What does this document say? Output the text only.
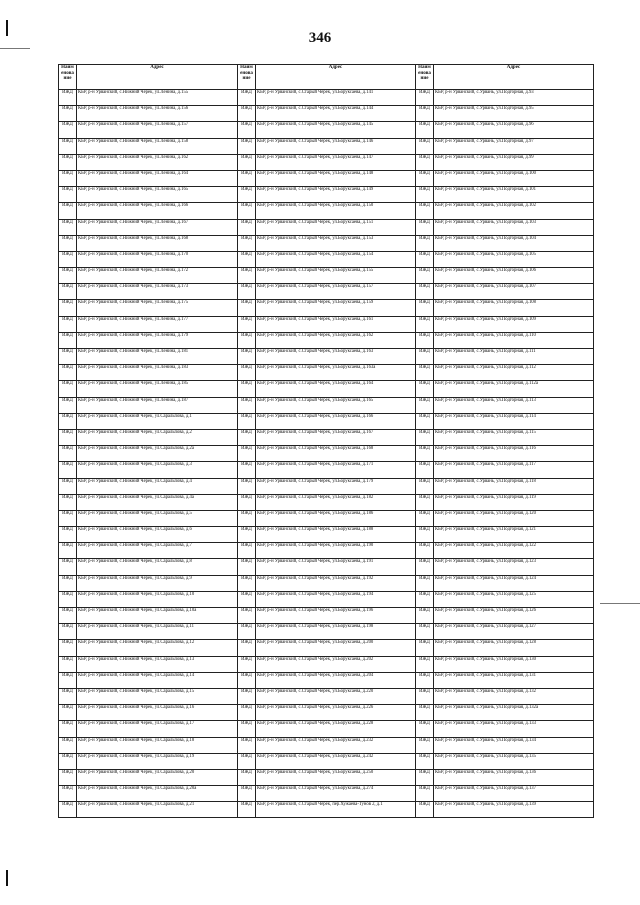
346
Наим енова ние	Адрес	Наим енова ние	Адрес	Наим енова ние	Адрес
ИЖД	КБР, р-н Урванский, с.Нижний Черек, ул.Ленина, д.155	ИЖД	КБР, р-н Урванский, с.Старый Черек, ул.Боруксаева, д.141	ИЖД	КБР, р-н Урванский, с.Урвань, ул.Подгорная, д.93
ИЖД	КБР, р-н Урванский, с.Нижний Черек, ул.Ленина, д.156	ИЖД	КБР, р-н Урванский, с.Старый Черек, ул.Боруксаева, д.144	ИЖД	КБР, р-н Урванский, с.Урвань, ул.Подгорная, д.95
ИЖД	КБР, р-н Урванский, с.Нижний Черек, ул.Ленина, д.157	ИЖД	КБР, р-н Урванский, с.Старый Черек, ул.Боруксаева, д.145	ИЖД	КБР, р-н Урванский, с.Урвань, ул.Подгорная, д.96
ИЖД	КБР, р-н Урванский, с.Нижний Черек, ул.Ленина, д.158	ИЖД	КБР, р-н Урванский, с.Старый Черек, ул.Боруксаева, д.146	ИЖД	КБР, р-н Урванский, с.Урвань, ул.Подгорная, д.97
ИЖД	КБР, р-н Урванский, с.Нижний Черек, ул.Ленина, д.162	ИЖД	КБР, р-н Урванский, с.Старый Черек, ул.Боруксаева, д.147	ИЖД	КБР, р-н Урванский, с.Урвань, ул.Подгорная, д.99
ИЖД	КБР, р-н Урванский, с.Нижний Черек, ул.Ленина, д.164	ИЖД	КБР, р-н Урванский, с.Старый Черек, ул.Боруксаева, д.148	ИЖД	КБР, р-н Урванский, с.Урвань, ул.Подгорная, д.100
ИЖД	КБР, р-н Урванский, с.Нижний Черек, ул.Ленина, д.165	ИЖД	КБР, р-н Урванский, с.Старый Черек, ул.Боруксаева, д.149	ИЖД	КБР, р-н Урванский, с.Урвань, ул.Подгорная, д.101
ИЖД	КБР, р-н Урванский, с.Нижний Черек, ул.Ленина, д.166	ИЖД	КБР, р-н Урванский, с.Старый Черек, ул.Боруксаева, д.150	ИЖД	КБР, р-н Урванский, с.Урвань, ул.Подгорная, д.102
ИЖД	КБР, р-н Урванский, с.Нижний Черек, ул.Ленина, д.167	ИЖД	КБР, р-н Урванский, с.Старый Черек, ул.Боруксаева, д.151	ИЖД	КБР, р-н Урванский, с.Урвань, ул.Подгорная, д.103
ИЖД	КБР, р-н Урванский, с.Нижний Черек, ул.Ленина, д.168	ИЖД	КБР, р-н Урванский, с.Старый Черек, ул.Боруксаева, д.153	ИЖД	КБР, р-н Урванский, с.Урвань, ул.Подгорная, д.104
ИЖД	КБР, р-н Урванский, с.Нижний Черек, ул.Ленина, д.170	ИЖД	КБР, р-н Урванский, с.Старый Черек, ул.Боруксаева, д.154	ИЖД	КБР, р-н Урванский, с.Урвань, ул.Подгорная, д.105
ИЖД	КБР, р-н Урванский, с.Нижний Черек, ул.Ленина, д.172	ИЖД	КБР, р-н Урванский, с.Старый Черек, ул.Боруксаева, д.155	ИЖД	КБР, р-н Урванский, с.Урвань, ул.Подгорная, д.106
ИЖД	КБР, р-н Урванский, с.Нижний Черек, ул.Ленина, д.173	ИЖД	КБР, р-н Урванский, с.Старый Черек, ул.Боруксаева, д.157	ИЖД	КБР, р-н Урванский, с.Урвань, ул.Подгорная, д.107
ИЖД	КБР, р-н Урванский, с.Нижний Черек, ул.Ленина, д.175	ИЖД	КБР, р-н Урванский, с.Старый Черек, ул.Боруксаева, д.159	ИЖД	КБР, р-н Урванский, с.Урвань, ул.Подгорная, д.108
ИЖД	КБР, р-н Урванский, с.Нижний Черек, ул.Ленина, д.177	ИЖД	КБР, р-н Урванский, с.Старый Черек, ул.Боруксаева, д.161	ИЖД	КБР, р-н Урванский, с.Урвань, ул.Подгорная, д.109
ИЖД	КБР, р-н Урванский, с.Нижний Черек, ул.Ленина, д.179	ИЖД	КБР, р-н Урванский, с.Старый Черек, ул.Боруксаева, д.162	ИЖД	КБР, р-н Урванский, с.Урвань, ул.Подгорная, д.110
ИЖД	КБР, р-н Урванский, с.Нижний Черек, ул.Ленина, д.181	ИЖД	КБР, р-н Урванский, с.Старый Черек, ул.Боруксаева, д.163	ИЖД	КБР, р-н Урванский, с.Урвань, ул.Подгорная, д.111
ИЖД	КБР, р-н Урванский, с.Нижний Черек, ул.Ленина, д.183	ИЖД	КБР, р-н Урванский, с.Старый Черек, ул.Боруксаева, д.163а	ИЖД	КБР, р-н Урванский, с.Урвань, ул.Подгорная, д.112
ИЖД	КБР, р-н Урванский, с.Нижний Черек, ул.Ленина, д.185	ИЖД	КБР, р-н Урванский, с.Старый Черек, ул.Боруксаева, д.164	ИЖД	КБР, р-н Урванский, с.Урвань, ул.Подгорная, д.112а
ИЖД	КБР, р-н Урванский, с.Нижний Черек, ул.Ленина, д.187	ИЖД	КБР, р-н Урванский, с.Старый Черек, ул.Боруксаева, д.165	ИЖД	КБР, р-н Урванский, с.Урвань, ул.Подгорная, д.113
ИЖД	КБР, р-н Урванский, с.Нижний Черек, ул.Саральпова, д.1	ИЖД	КБР, р-н Урванский, с.Старый Черек, ул.Боруксаева, д.166	ИЖД	КБР, р-н Урванский, с.Урвань, ул.Подгорная, д.114
ИЖД	КБР, р-н Урванский, с.Нижний Черек, ул.Саральпова, д.2	ИЖД	КБР, р-н Урванский, с.Старый Черек, ул.Боруксаева, д.167	ИЖД	КБР, р-н Урванский, с.Урвань, ул.Подгорная, д.115
ИЖД	КБР, р-н Урванский, с.Нижний Черек, ул.Саральпова, д.2а	ИЖД	КБР, р-н Урванский, с.Старый Черек, ул.Боруксаева, д.168	ИЖД	КБР, р-н Урванский, с.Урвань, ул.Подгорная, д.116
ИЖД	КБР, р-н Урванский, с.Нижний Черек, ул.Саральпова, д.3	ИЖД	КБР, р-н Урванский, с.Старый Черек, ул.Боруксаева, д.171	ИЖД	КБР, р-н Урванский, с.Урвань, ул.Подгорная, д.117
ИЖД	КБР, р-н Урванский, с.Нижний Черек, ул.Саральпова, д.4	ИЖД	КБР, р-н Урванский, с.Старый Черек, ул.Боруксаева, д.179	ИЖД	КБР, р-н Урванский, с.Урвань, ул.Подгорная, д.118
ИЖД	КБР, р-н Урванский, с.Нижний Черек, ул.Саральпова, д.4а	ИЖД	КБР, р-н Урванский, с.Старый Черек, ул.Боруксаева, д.182	ИЖД	КБР, р-н Урванский, с.Урвань, ул.Подгорная, д.119
ИЖД	КБР, р-н Урванский, с.Нижний Черек, ул.Саральпова, д.5	ИЖД	КБР, р-н Урванский, с.Старый Черек, ул.Боруксаева, д.186	ИЖД	КБР, р-н Урванский, с.Урвань, ул.Подгорная, д.120
ИЖД	КБР, р-н Урванский, с.Нижний Черек, ул.Саральпова, д.6	ИЖД	КБР, р-н Урванский, с.Старый Черек, ул.Боруксаева, д.188	ИЖД	КБР, р-н Урванский, с.Урвань, ул.Подгорная, д.121
ИЖД	КБР, р-н Урванский, с.Нижний Черек, ул.Саральпова, д.7	ИЖД	КБР, р-н Урванский, с.Старый Черек, ул.Боруксаева, д.190	ИЖД	КБР, р-н Урванский, с.Урвань, ул.Подгорная, д.122
ИЖД	КБР, р-н Урванский, с.Нижний Черек, ул.Саральпова, д.8	ИЖД	КБР, р-н Урванский, с.Старый Черек, ул.Боруксаева, д.191	ИЖД	КБР, р-н Урванский, с.Урвань, ул.Подгорная, д.123
ИЖД	КБР, р-н Урванский, с.Нижний Черек, ул.Саральпова, д.9	ИЖД	КБР, р-н Урванский, с.Старый Черек, ул.Боруксаева, д.192	ИЖД	КБР, р-н Урванский, с.Урвань, ул.Подгорная, д.124
ИЖД	КБР, р-н Урванский, с.Нижний Черек, ул.Саральпова, д.10	ИЖД	КБР, р-н Урванский, с.Старый Черек, ул.Боруксаева, д.194	ИЖД	КБР, р-н Урванский, с.Урвань, ул.Подгорная, д.125
ИЖД	КБР, р-н Урванский, с.Нижний Черек, ул.Саральпова, д.10а	ИЖД	КБР, р-н Урванский, с.Старый Черек, ул.Боруксаева, д.196	ИЖД	КБР, р-н Урванский, с.Урвань, ул.Подгорная, д.126
ИЖД	КБР, р-н Урванский, с.Нижний Черек, ул.Саральпова, д.11	ИЖД	КБР, р-н Урванский, с.Старый Черек, ул.Боруксаева, д.198	ИЖД	КБР, р-н Урванский, с.Урвань, ул.Подгорная, д.127
ИЖД	КБР, р-н Урванский, с.Нижний Черек, ул.Саральпова, д.12	ИЖД	КБР, р-н Урванский, с.Старый Черек, ул.Боруксаева, д.200	ИЖД	КБР, р-н Урванский, с.Урвань, ул.Подгорная, д.128
ИЖД	КБР, р-н Урванский, с.Нижний Черек, ул.Саральпова, д.13	ИЖД	КБР, р-н Урванский, с.Старый Черек, ул.Боруксаева, д.202	ИЖД	КБР, р-н Урванский, с.Урвань, ул.Подгорная, д.130
ИЖД	КБР, р-н Урванский, с.Нижний Черек, ул.Саральпова, д.14	ИЖД	КБР, р-н Урванский, с.Старый Черек, ул.Боруксаева, д.204	ИЖД	КБР, р-н Урванский, с.Урвань, ул.Подгорная, д.131
ИЖД	КБР, р-н Урванский, с.Нижний Черек, ул.Саральпова, д.15	ИЖД	КБР, р-н Урванский, с.Старый Черек, ул.Боруксаева, д.220	ИЖД	КБР, р-н Урванский, с.Урвань, ул.Подгорная, д.132
ИЖД	КБР, р-н Урванский, с.Нижний Черек, ул.Саральпова, д.16	ИЖД	КБР, р-н Урванский, с.Старый Черек, ул.Боруксаева, д.226	ИЖД	КБР, р-н Урванский, с.Урвань, ул.Подгорная, д.132а
ИЖД	КБР, р-н Урванский, с.Нижний Черек, ул.Саральпова, д.17	ИЖД	КБР, р-н Урванский, с.Старый Черек, ул.Боруксаева, д.228	ИЖД	КБР, р-н Урванский, с.Урвань, ул.Подгорная, д.133
ИЖД	КБР, р-н Урванский, с.Нижний Черек, ул.Саральпова, д.18	ИЖД	КБР, р-н Урванский, с.Старый Черек, ул.Боруксаева, д.232	ИЖД	КБР, р-н Урванский, с.Урвань, ул.Подгорная, д.134
ИЖД	КБР, р-н Урванский, с.Нижний Черек, ул.Саральпова, д.19	ИЖД	КБР, р-н Урванский, с.Старый Черек, ул.Боруксаева, д.242	ИЖД	КБР, р-н Урванский, с.Урвань, ул.Подгорная, д.135
ИЖД	КБР, р-н Урванский, с.Нижний Черек, ул.Саральпова, д.20	ИЖД	КБР, р-н Урванский, с.Старый Черек, ул.Боруксаева, д.250	ИЖД	КБР, р-н Урванский, с.Урвань, ул.Подгорная, д.136
ИЖД	КБР, р-н Урванский, с.Нижний Черек, ул.Саральпова, д.20а	ИЖД	КБР, р-н Урванский, с.Старый Черек, ул.Боруксаева, д.274	ИЖД	КБР, р-н Урванский, с.Урвань, ул.Подгорная, д.137
ИЖД	КБР, р-н Урванский, с.Нижний Черек, ул.Саральпова, д.21	ИЖД	КБР, р-н Урванский, с.Старый Черек, пер.Хужаева-Тунов 2, д.1	ИЖД	КБР, р-н Урванский, с.Урвань, ул.Подгорная, д.139
